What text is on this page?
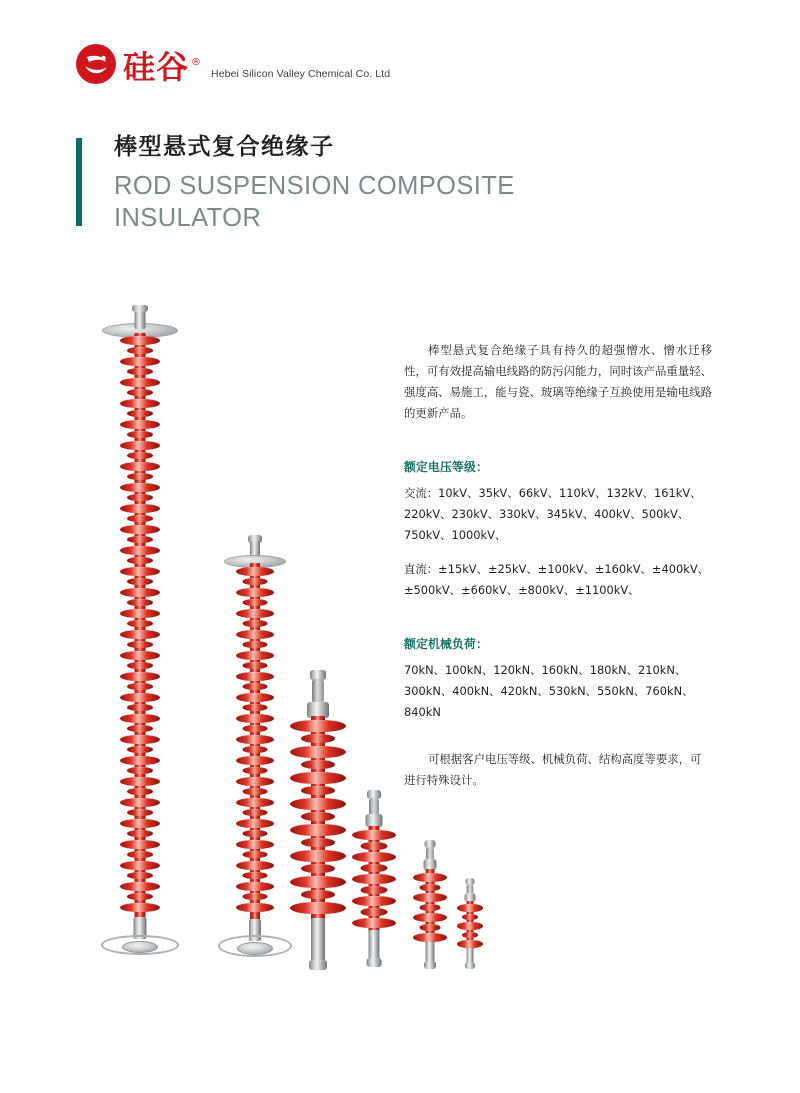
硅谷 ®
Hebei Silicon Valley Chemical Co. Ltd
棒型悬式复合绝缘子
ROD SUSPENSION COMPOSITE
INSULATOR
棒型悬式复合绝缘子具有持久的超强憎水、憎水迁移性，可有效提高输电线路的防污闪能力，同时该产品重量轻、强度高、易施工，能与瓷、玻璃等绝缘子互换使用是输电线路的更新产品。
额定电压等级：
交流：10kV、35kV、66kV、110kV、132kV、161kV、220kV、230kV、330kV、345kV、400kV、500kV、750kV、1000kV、
直流：±15kV、±25kV、±100kV、±160kV、±400kV、±500kV、±660kV、±800kV、±1100kV、
额定机械负荷：
70kN、100kN、120kN、160kN、180kN、210kN、300kN、400kN、420kN、530kN、550kN、760kN、840kN
可根据客户电压等级、机械负荷、结构高度等要求，可进行特殊设计。
